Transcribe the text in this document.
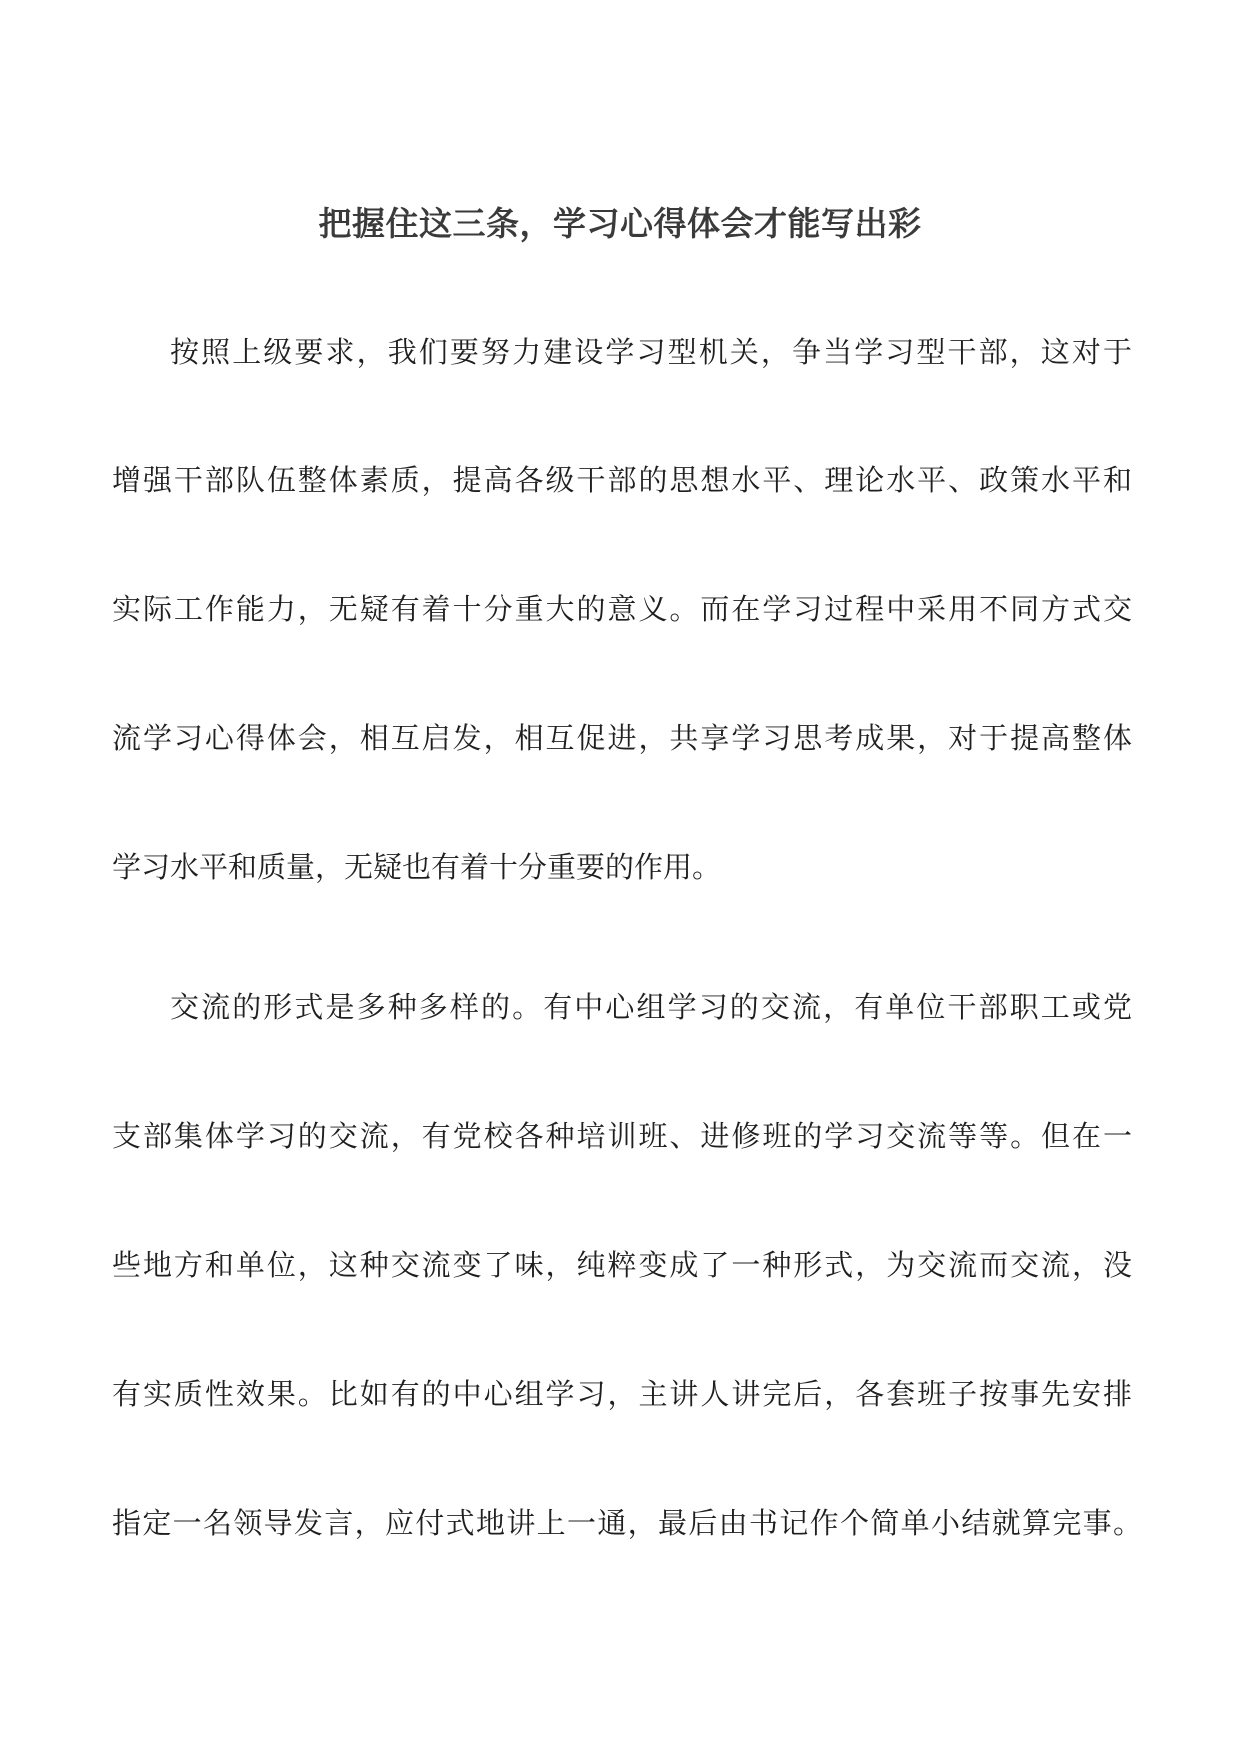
把握住这三条，学习心得体会才能写出彩
按照上级要求，我们要努力建设学习型机关，争当学习型干部，这对于
增强干部队伍整体素质，提高各级干部的思想水平、理论水平、政策水平和
实际工作能力，无疑有着十分重大的意义。而在学习过程中采用不同方式交
流学习心得体会，相互启发，相互促进，共享学习思考成果，对于提高整体
学习水平和质量，无疑也有着十分重要的作用。
交流的形式是多种多样的。有中心组学习的交流，有单位干部职工或党
支部集体学习的交流，有党校各种培训班、进修班的学习交流等等。但在一
些地方和单位，这种交流变了味，纯粹变成了一种形式，为交流而交流，没
有实质性效果。比如有的中心组学习，主讲人讲完后，各套班子按事先安排
指定一名领导发言，应付式地讲上一通，最后由书记作个简单小结就算完事。
